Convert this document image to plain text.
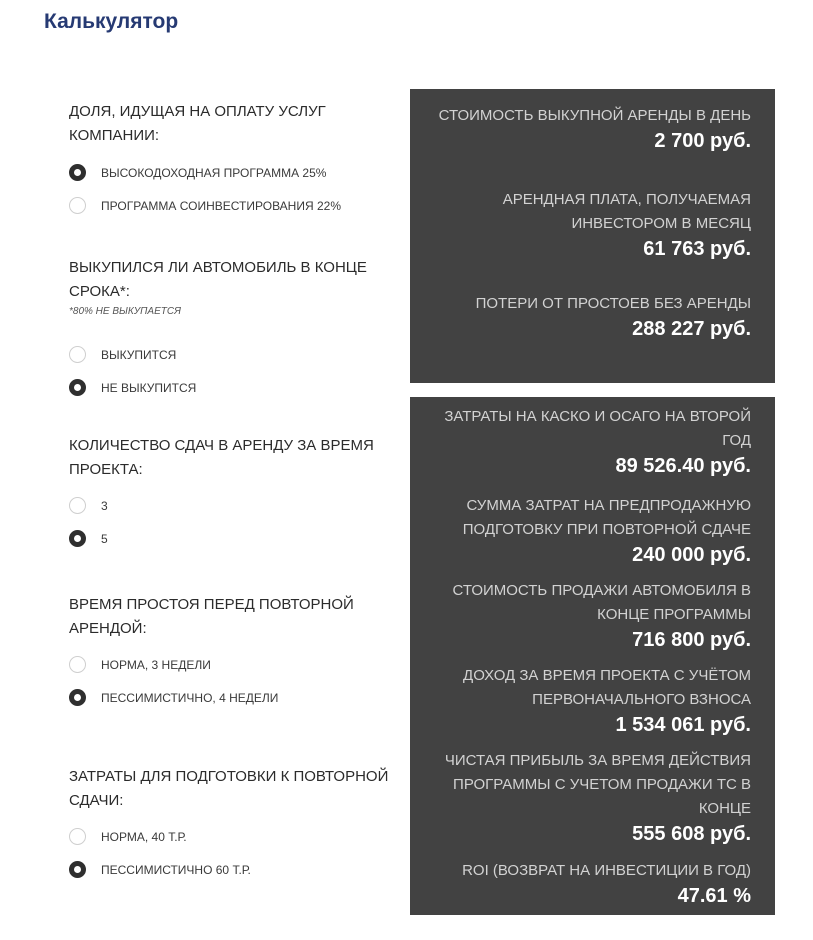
Калькулятор
ДОЛЯ, ИДУЩАЯ НА ОПЛАТУ УСЛУГ КОМПАНИИ:
ВЫСОКОДОХОДНАЯ ПРОГРАММА 25%
ПРОГРАММА СОИНВЕСТИРОВАНИЯ 22%
ВЫКУПИЛСЯ ЛИ АВТОМОБИЛЬ В КОНЦЕ СРОКА*:
*80% НЕ ВЫКУПАЕТСЯ
ВЫКУПИТСЯ
НЕ ВЫКУПИТСЯ
КОЛИЧЕСТВО СДАЧ В АРЕНДУ ЗА ВРЕМЯ ПРОЕКТА:
3
5
ВРЕМЯ ПРОСТОЯ ПЕРЕД ПОВТОРНОЙ АРЕНДОЙ:
НОРМА, 3 НЕДЕЛИ
ПЕССИМИСТИЧНО, 4 НЕДЕЛИ
ЗАТРАТЫ ДЛЯ ПОДГОТОВКИ К ПОВТОРНОЙ СДАЧИ:
НОРМА, 40 Т.Р.
ПЕССИМИСТИЧНО 60 Т.Р.
СТОИМОСТЬ ВЫКУПНОЙ АРЕНДЫ В ДЕНЬ
2 700 руб.
АРЕНДНАЯ ПЛАТА, ПОЛУЧАЕМАЯ ИНВЕСТОРОМ В МЕСЯЦ
61 763 руб.
ПОТЕРИ ОТ ПРОСТОЕВ БЕЗ АРЕНДЫ
288 227 руб.
ЗАТРАТЫ НА КАСКО И ОСАГО НА ВТОРОЙ ГОД
89 526.40 руб.
СУММА ЗАТРАТ НА ПРЕДПРОДАЖНУЮ ПОДГОТОВКУ ПРИ ПОВТОРНОЙ СДАЧЕ
240 000 руб.
СТОИМОСТЬ ПРОДАЖИ АВТОМОБИЛЯ В КОНЦЕ ПРОГРАММЫ
716 800 руб.
ДОХОД ЗА ВРЕМЯ ПРОЕКТА С УЧЁТОМ ПЕРВОНАЧАЛЬНОГО ВЗНОСА
1 534 061 руб.
ЧИСТАЯ ПРИБЫЛЬ ЗА ВРЕМЯ ДЕЙСТВИЯ ПРОГРАММЫ С УЧЕТОМ ПРОДАЖИ ТС В КОНЦЕ
555 608 руб.
ROI (ВОЗВРАТ НА ИНВЕСТИЦИИ В ГОД)
47.61 %
